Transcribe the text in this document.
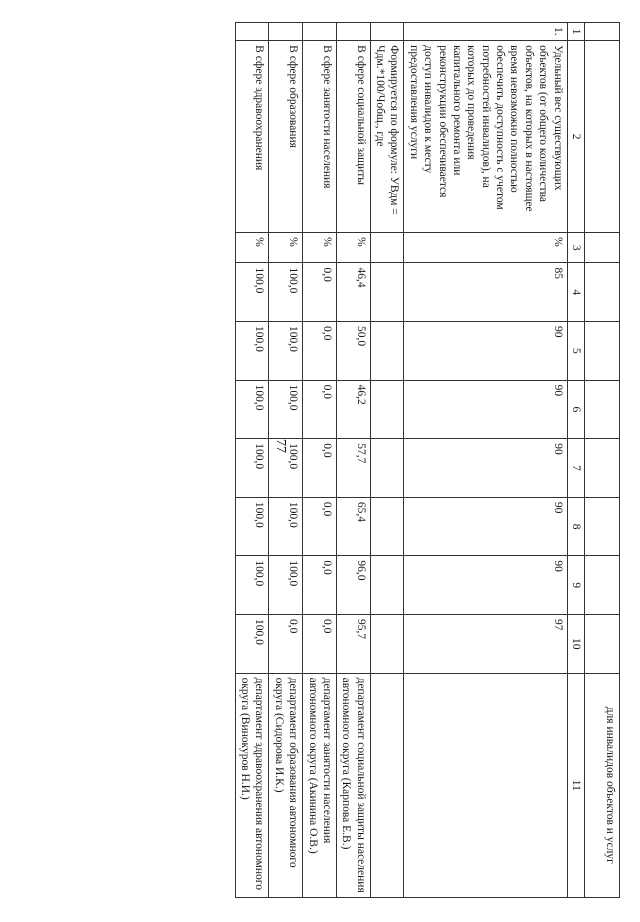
77
										для инвалидов объектов и услуг
1	2	3	4	5	6	7	8	9	10	11
1.	Удельный вес существующих объектов (от общего количества объектов, на которых в настоящее время невозможно полностью обеспечить доступность с учетом потребностей инвалидов), на которых до проведения капитального ремонта или реконструкции обеспечивается доступ инвалидов к месту предоставления услуги	%	85	90	90	90	90	90	97	
	Формируется по формуле: УВдм = Чдм.*100/Чобщ., где									
	В сфере социальной защиты	%	46,4	50,0	46,2	57,7	65,4	96,0	95,7	департамент социальной защиты населения автономного округа (Карпова Е.В.)
	В сфере занятости населения	%	0,0	0,0	0,0	0,0	0,0	0,0	0,0	департамент занятости населения автономного округа (Акинина О.В.)
	В сфере образования	%	100,0	100,0	100,0	100,0	100,0	100,0	0,0	департамент образования автономного округа (Сидорова И.К.)
	В сфере здравоохранения	%	100,0	100,0	100,0	100,0	100,0	100,0	100,0	департамент здравоохранения автономного округа (Винокуров Н.И.)
